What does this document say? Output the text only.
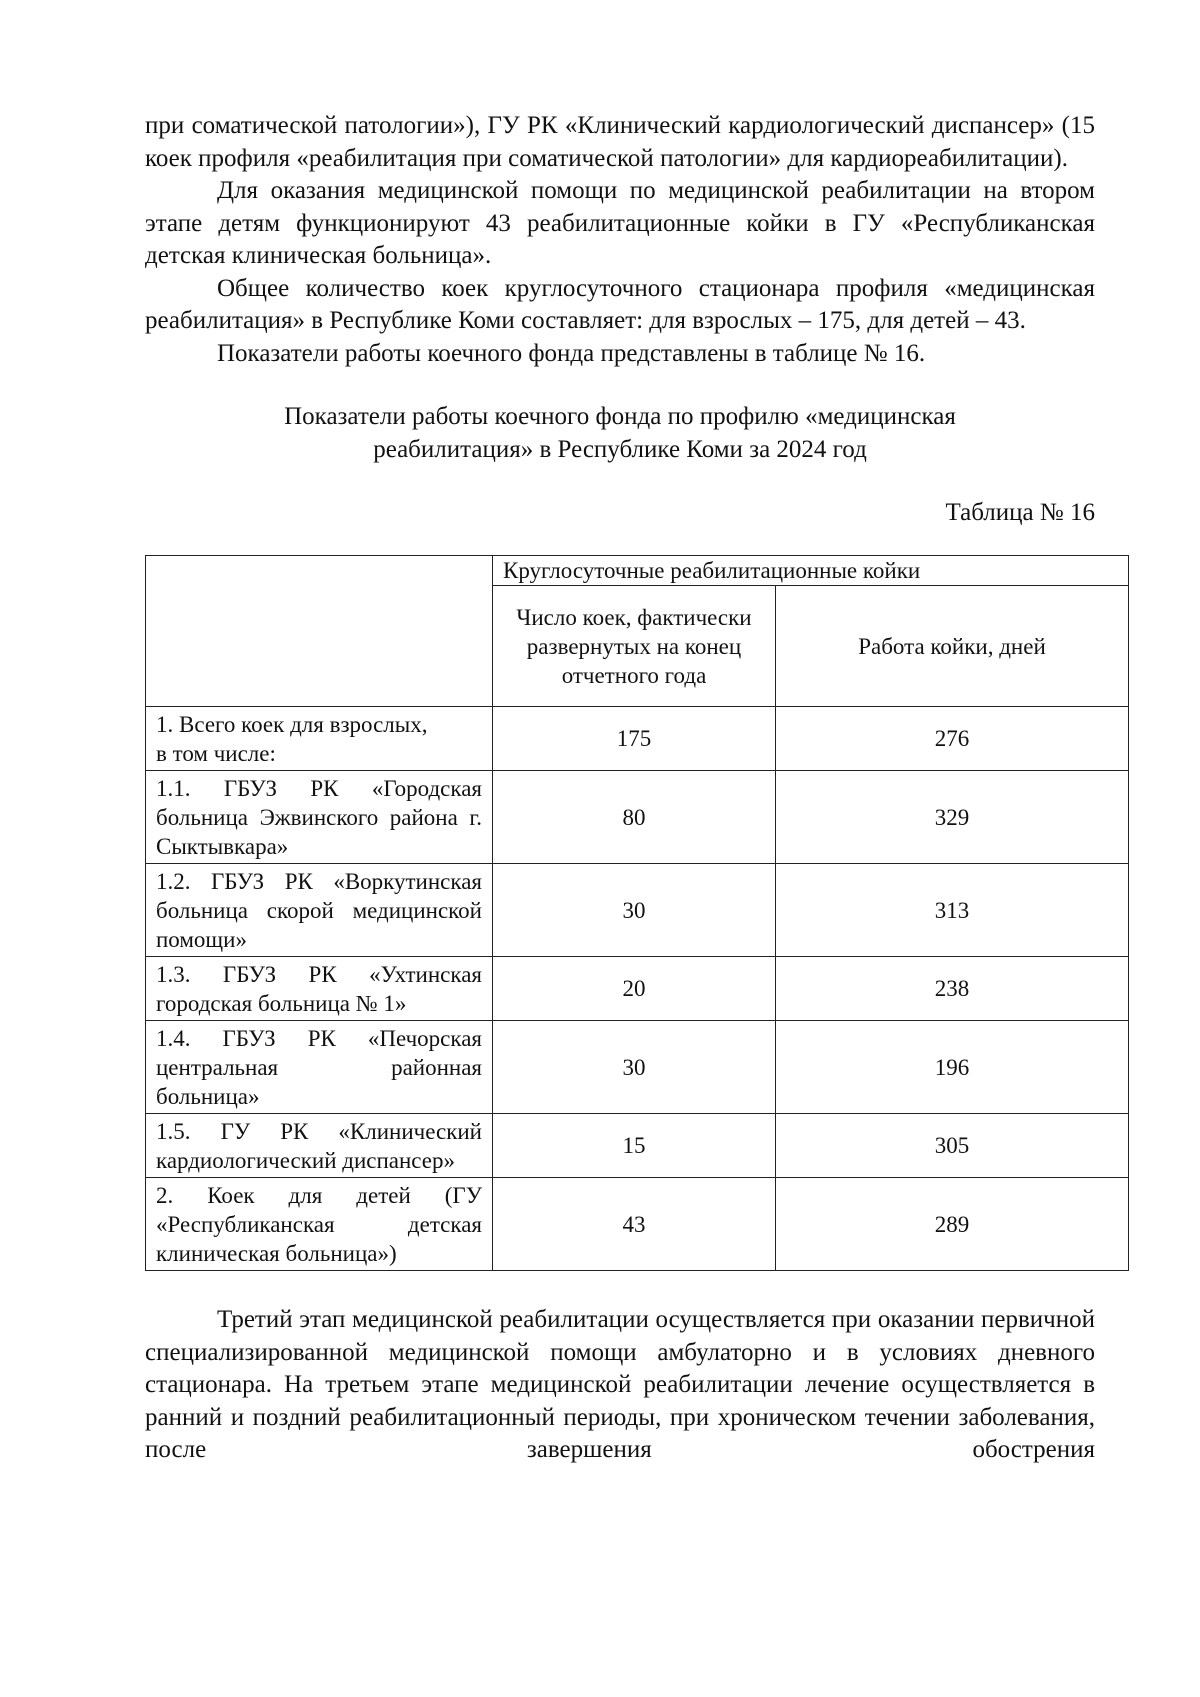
при соматической патологии»), ГУ РК «Клинический кардиологический диспансер» (15 коек профиля «реабилитация при соматической патологии» для кардиореабилитации).

Для оказания медицинской помощи по медицинской реабилитации на втором этапе детям функционируют 43 реабилитационные койки в ГУ «Республиканская детская клиническая больница».

Общее количество коек круглосуточного стационара профиля «медицинская реабилитация» в Республике Коми составляет: для взрослых – 175, для детей – 43.

Показатели работы коечного фонда представлены в таблице № 16.

Показатели работы коечного фонда по профилю «медицинская
реабилитация» в Республике Коми за 2024 год
Таблица № 16
	Круглосуточные реабилитационные койки	
	Число коек, фактически развернутых на конец отчетного года	Работа койки, дней

1. Всего коек для взрослых,
в том числе:	175	276
1.1. ГБУЗ РК «Городская больница Эжвинского района г. Сыктывкара»	80	329
1.2. ГБУЗ РК «Воркутинская больница скорой медицинской помощи»	30	313
1.3. ГБУЗ РК «Ухтинская городская больница № 1»	20	238
1.4. ГБУЗ РК «Печорская центральная районная больница»	30	196
1.5. ГУ РК «Клинический кардиологический диспансер»	15	305
2. Коек для детей (ГУ «Республиканская детская клиническая больница»)	43	289

Третий этап медицинской реабилитации осуществляется при оказании первичной специализированной медицинской помощи амбулаторно и в условиях дневного стационара. На третьем этапе медицинской реабилитации лечение осуществляется в ранний и поздний реабилитационный периоды, при хроническом течении заболевания, после завершения обострения
